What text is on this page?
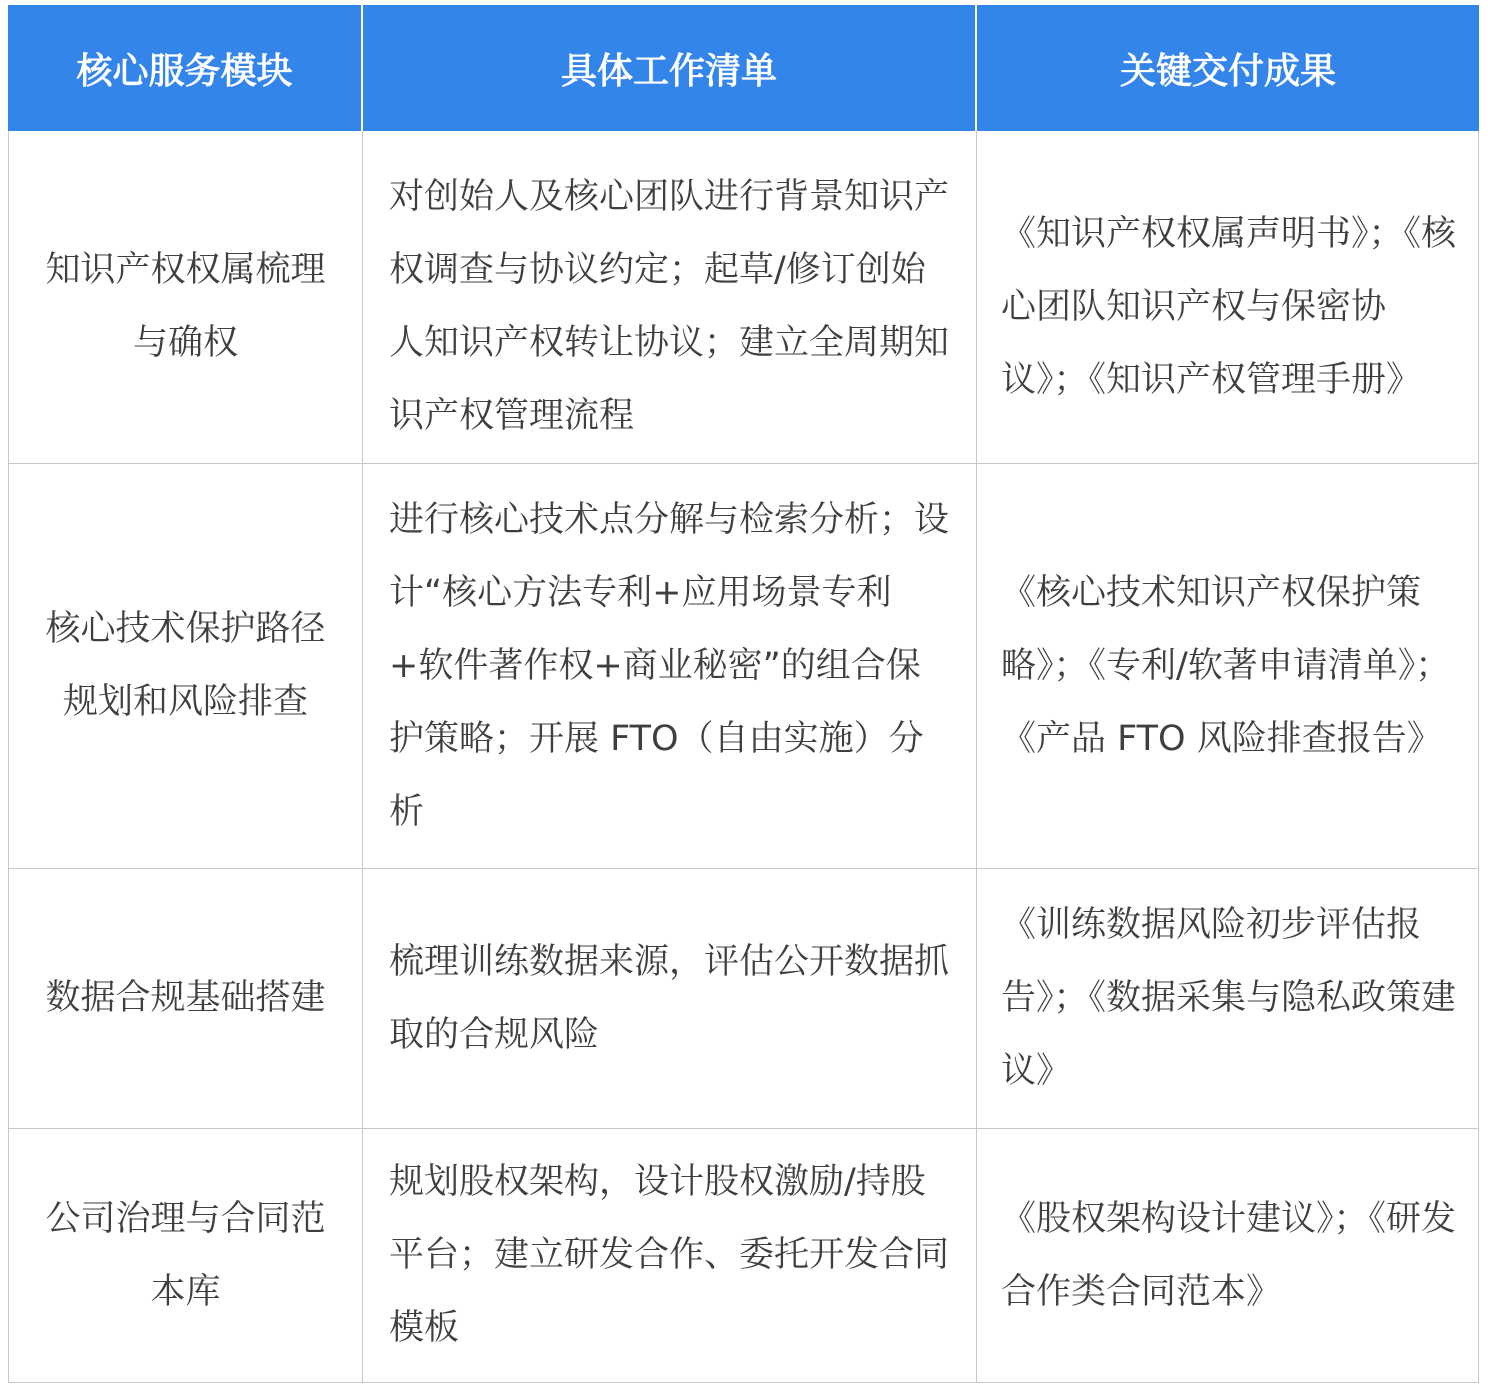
核心服务模块	具体工作清单	关键交付成果
知识产权权属梳理与确权
对创始人及核心团队进行背景知识产权调查与协议约定；起草/修订创始人知识产权转让协议；建立全周期知识产权管理流程
《知识产权权属声明书》；《核心团队知识产权与保密协议》；《知识产权管理手册》
核心技术保护路径规划和风险排查
进行核心技术点分解与检索分析；设计“核心方法专利+应用场景专利+软件著作权+商业秘密”的组合保护策略；开展 FTO（自由实施）分析
《核心技术知识产权保护策略》；《专利/软著申请清单》；《产品 FTO 风险排查报告》
数据合规基础搭建
梳理训练数据来源，评估公开数据抓取的合规风险
《训练数据风险初步评估报告》；《数据采集与隐私政策建议》
公司治理与合同范本库
规划股权架构，设计股权激励/持股平台；建立研发合作、委托开发合同模板
《股权架构设计建议》；《研发合作类合同范本》
